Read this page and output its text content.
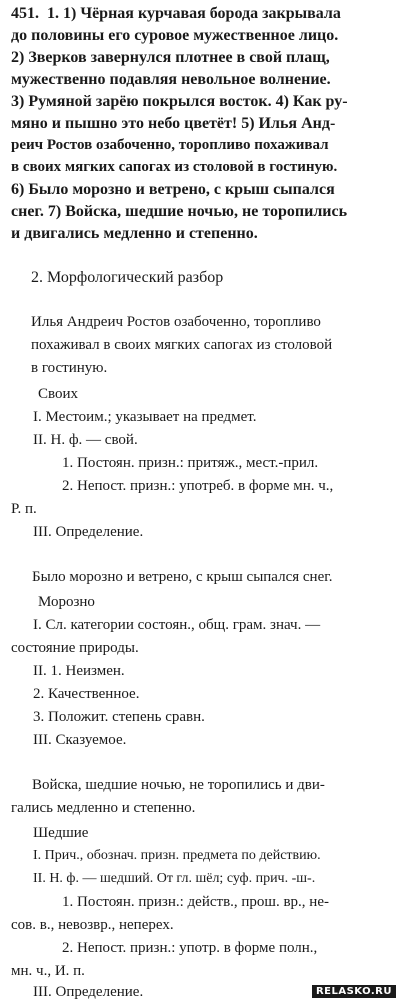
451. 1. 1) Чёрная курчавая борода закрывала
до половины его суровое мужественное лицо.
2) Зверков завернулся плотнее в свой плащ,
мужественно подавляя невольное волнение.
3) Румяной зарёю покрылся восток. 4) Как ру-
мяно и пышно это небо цветёт! 5) Илья Анд-
реич Ростов озабоченно, торопливо похаживал
в своих мягких сапогах из столовой в гостиную.
6) Было морозно и ветрено, с крыш сыпался
снег. 7) Войска, шедшие ночью, не торопились
и двигались медленно и степенно.
2. Морфологический разбор
Илья Андреич Ростов озабоченно, торопливо
похаживал в своих мягких сапогах из столовой
в гостиную.
Своих
I. Местоим.; указывает на предмет.
II. Н. ф. — свой.
1. Постоян. призн.: притяж., мест.-прил.
2. Непост. призн.: употреб. в форме мн. ч.,
Р. п.
III. Определение.
Было морозно и ветрено, с крыш сыпался снег.
Морозно
I. Сл. категории состоян., общ. грам. знач. —
состояние природы.
II. 1. Неизмен.
2. Качественное.
3. Положит. степень сравн.
III. Сказуемое.
Войска, шедшие ночью, не торопились и дви-
гались медленно и степенно.
Шедшие
I. Прич., обознач. призн. предмета по действию.
II. Н. ф. — шедший. От гл. шёл; суф. прич. -ш-.
1. Постоян. призн.: действ., прош. вр., не-
сов. в., невозвр., неперех.
2. Непост. призн.: употр. в форме полн.,
мн. ч., И. п.
III. Определение.	RELASKO.RU
